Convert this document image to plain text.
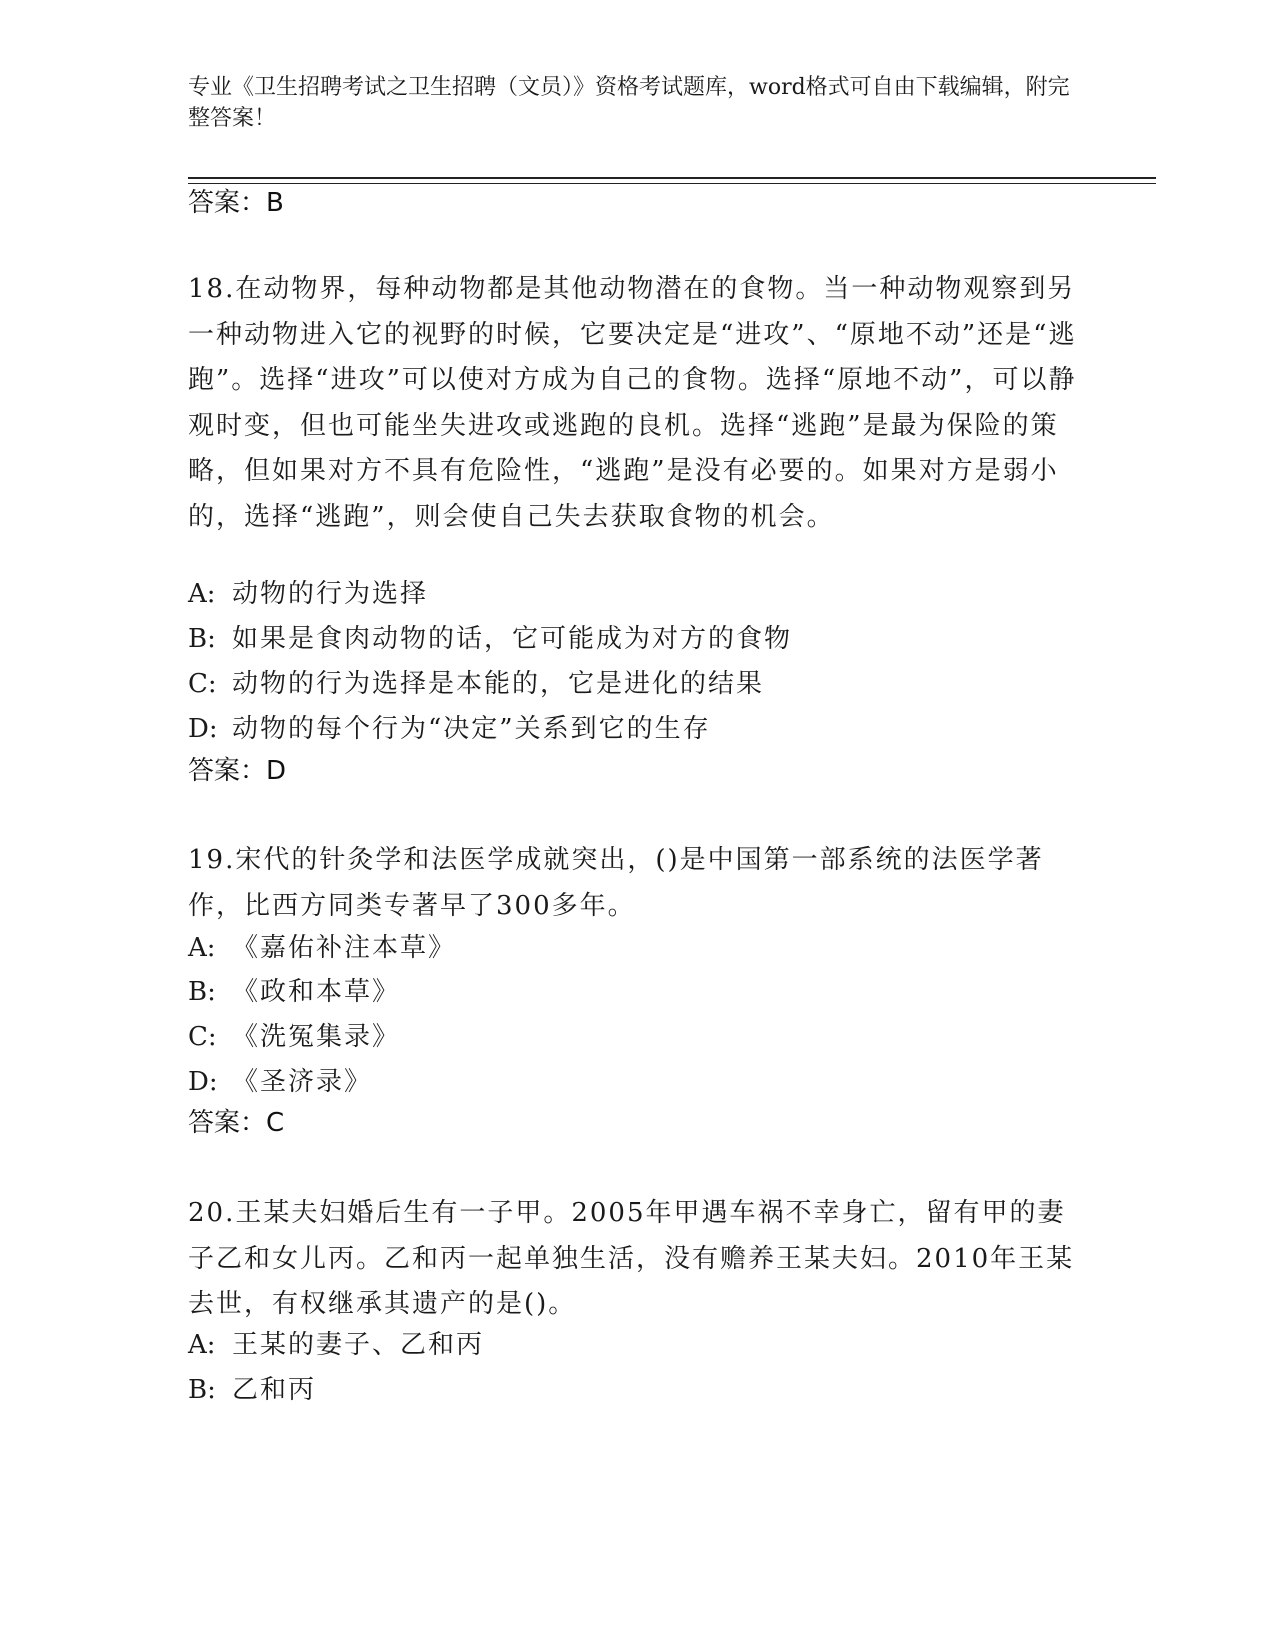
专业《卫生招聘考试之卫生招聘（文员）》资格考试题库，word格式可自由下载编辑，附完整答案！
答案：B
18.在动物界，每种动物都是其他动物潜在的食物。当一种动物观察到另一种动物进入它的视野的时候，它要决定是“进攻”、“原地不动”还是“逃跑”。选择“进攻”可以使对方成为自己的食物。选择“原地不动”，可以静观时变，但也可能坐失进攻或逃跑的良机。选择“逃跑”是最为保险的策略，但如果对方不具有危险性，“逃跑”是没有必要的。如果对方是弱小的，选择“逃跑”，则会使自己失去获取食物的机会。
A: 动物的行为选择
B: 如果是食肉动物的话，它可能成为对方的食物
C: 动物的行为选择是本能的，它是进化的结果
D: 动物的每个行为“决定”关系到它的生存
答案：D
19.宋代的针灸学和法医学成就突出，()是中国第一部系统的法医学著作，比西方同类专著早了300多年。
A: 《嘉佑补注本草》
B: 《政和本草》
C: 《洗冤集录》
D: 《圣济录》
答案：C
20.王某夫妇婚后生有一子甲。2005年甲遇车祸不幸身亡，留有甲的妻子乙和女儿丙。乙和丙一起单独生活，没有赡养王某夫妇。2010年王某去世，有权继承其遗产的是()。
A: 王某的妻子、乙和丙
B: 乙和丙
